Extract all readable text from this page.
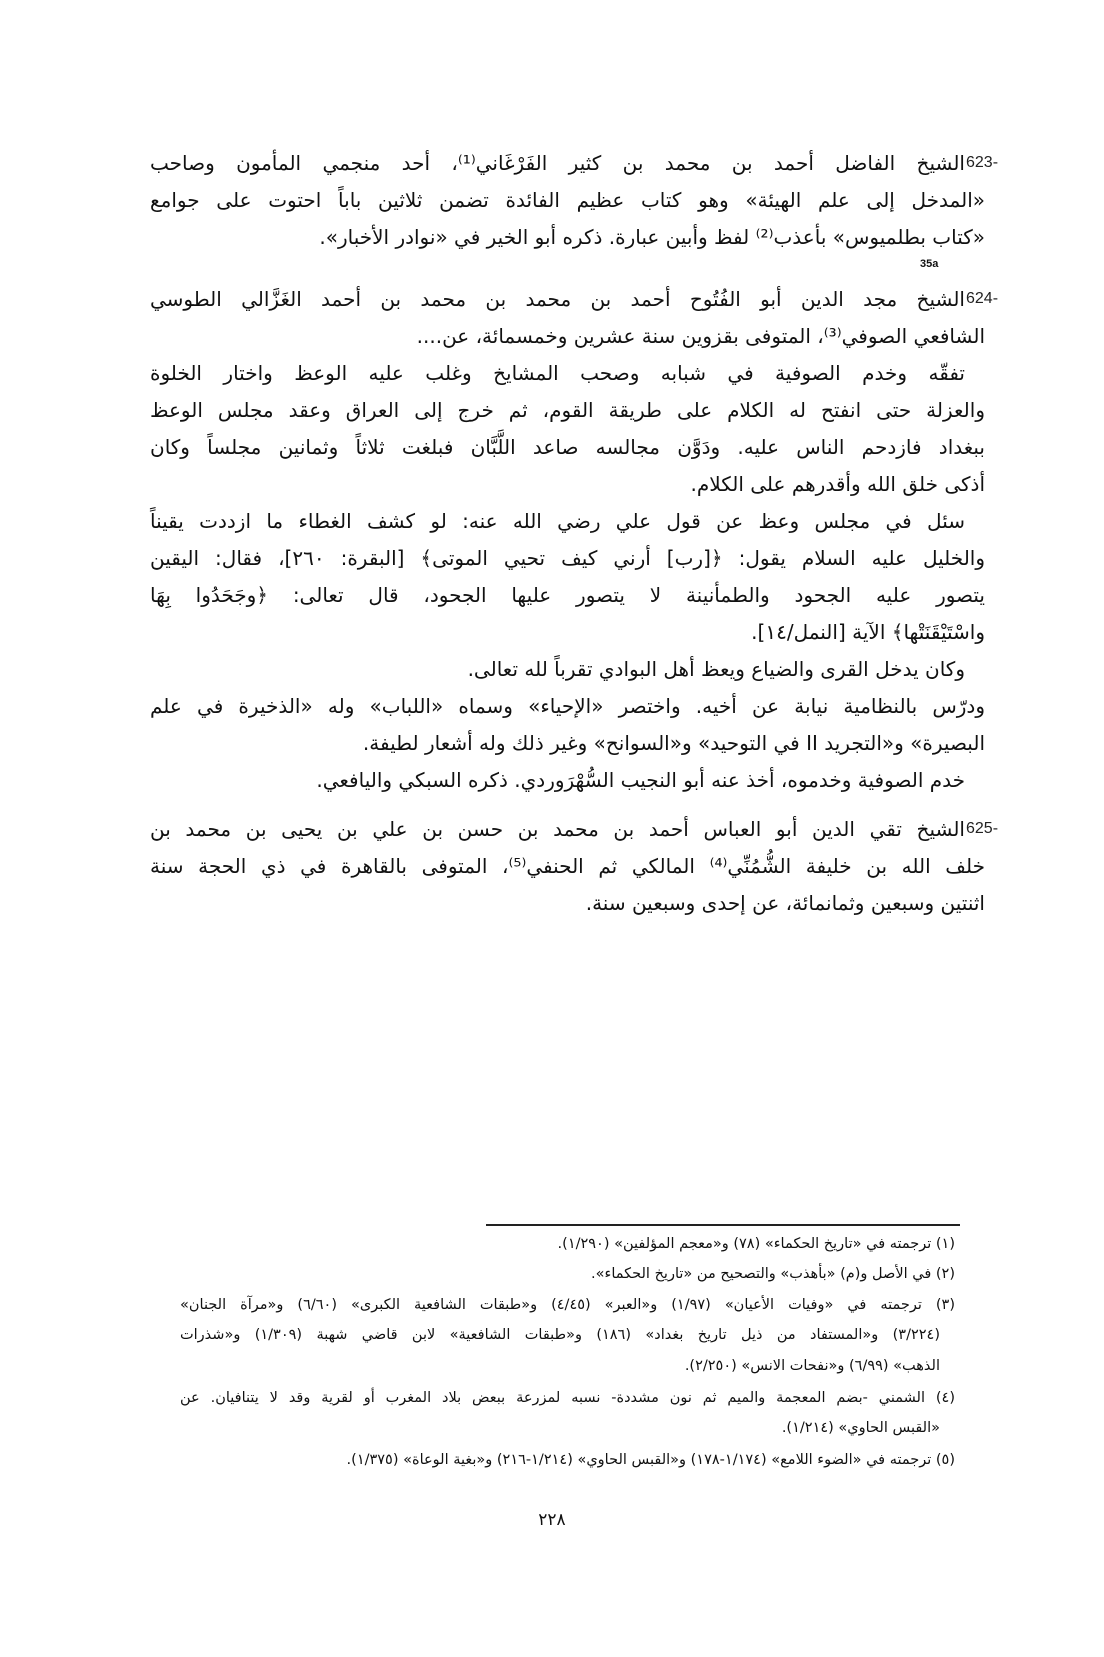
623-
الشيخ الفاضل أحمد بن محمد بن كثير الفَرْغَاني⁽¹⁾، أحد منجمي المأمون وصاحب
«المدخل إلى علم الهيئة» وهو كتاب عظيم الفائدة تضمن ثلاثين باباً احتوت على جوامع
«كتاب بطلميوس» بأعذب⁽²⁾ لفظ وأبين عبارة. ذكره أبو الخير في «نوادر الأخبار».
35a
624-
الشيخ مجد الدين أبو الفُتُوح أحمد بن محمد بن محمد بن أحمد الغَزَّالي الطوسي
الشافعي الصوفي⁽³⁾، المتوفى بقزوين سنة عشرين وخمسمائة، عن....
تفقّه وخدم الصوفية في شبابه وصحب المشايخ وغلب عليه الوعظ واختار الخلوة
والعزلة حتى انفتح له الكلام على طريقة القوم، ثم خرج إلى العراق وعقد مجلس الوعظ
ببغداد فازدحم الناس عليه. ودَوَّن مجالسه صاعد اللَّبَّان فبلغت ثلاثاً وثمانين مجلساً وكان
أذكى خلق الله وأقدرهم على الكلام.
سئل في مجلس وعظ عن قول علي رضي الله عنه: لو كشف الغطاء ما ازددت يقيناً
والخليل عليه السلام يقول: ﴿[رب] أرني كيف تحيي الموتى﴾ [البقرة: ٢٦٠]، فقال: اليقين
يتصور عليه الجحود والطمأنينة لا يتصور عليها الجحود، قال تعالى: ﴿وجَحَدُوا بِهَا
واسْتَيْقَنَتْها﴾ الآية [النمل/١٤].
وكان يدخل القرى والضياع ويعظ أهل البوادي تقرباً لله تعالى.
ودرّس بالنظامية نيابة عن أخيه. واختصر «الإحياء» وسماه «اللباب» وله «الذخيرة في علم
البصيرة» و«التجريد II في التوحيد» و«السوانح» وغير ذلك وله أشعار لطيفة.
خدم الصوفية وخدموه، أخذ عنه أبو النجيب السُّهْرَوردي. ذكره السبكي واليافعي.
625-
الشيخ تقي الدين أبو العباس أحمد بن محمد بن حسن بن علي بن يحيى بن محمد بن
خلف الله بن خليفة الشُّمُنِّي⁽⁴⁾ المالكي ثم الحنفي⁽⁵⁾، المتوفى بالقاهرة في ذي الحجة سنة
اثنتين وسبعين وثمانمائة، عن إحدى وسبعين سنة.
(١) ترجمته في «تاريخ الحكماء» (٧٨) و«معجم المؤلفين» (١/٢٩٠).
(٢) في الأصل و(م) «بأهذب» والتصحيح من «تاريخ الحكماء».
(٣) ترجمته في «وفيات الأعيان» (١/٩٧) و«العبر» (٤/٤٥) و«طبقات الشافعية الكبرى» (٦/٦٠) و«مرآة الجنان»
(٣/٢٢٤) و«المستفاد من ذيل تاريخ بغداد» (١٨٦) و«طبقات الشافعية» لابن قاضي شهبة (١/٣٠٩) و«شذرات
الذهب» (٦/٩٩) و«نفحات الانس» (٢/٢٥٠).
(٤) الشمني -بضم المعجمة والميم ثم نون مشددة- نسبه لمزرعة ببعض بلاد المغرب أو لقرية وقد لا يتنافيان. عن
«القبس الحاوي» (١/٢١٤).
(٥) ترجمته في «الضوء اللامع» (١/١٧٤-١٧٨) و«القبس الحاوي» (١/٢١٤-٢١٦) و«بغية الوعاة» (١/٣٧٥).
٢٢٨
